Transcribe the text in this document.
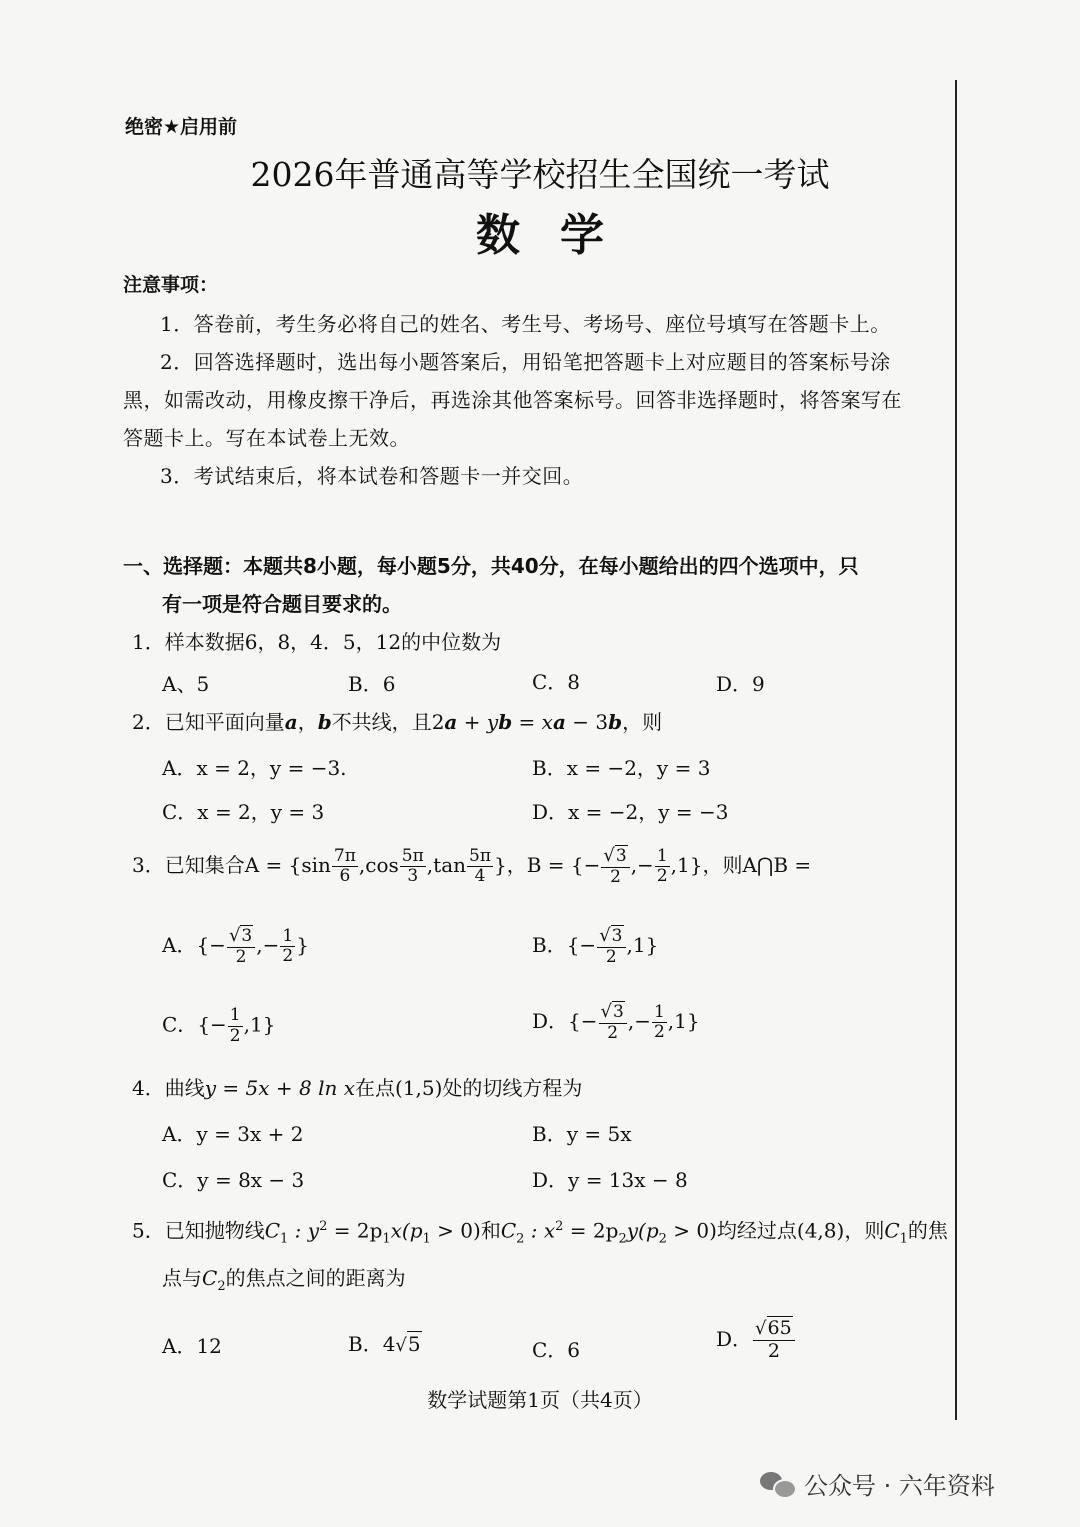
绝密★启用前
2026年普通高等学校招生全国统一考试
数学
注意事项：
1．答卷前，考生务必将自己的姓名、考生号、考场号、座位号填写在答题卡上。
2．回答选择题时，选出每小题答案后，用铅笔把答题卡上对应题目的答案标号涂
黑，如需改动，用橡皮擦干净后，再选涂其他答案标号。回答非选择题时，将答案写在
答题卡上。写在本试卷上无效。
3．考试结束后，将本试卷和答题卡一并交回。
一、选择题：本题共8小题，每小题5分，共40分，在每小题给出的四个选项中，只
有一项是符合题目要求的。
1．样本数据6，8，4．5，12的中位数为
A、5	B．6	C．8	D．9
2．已知平面向量a，b不共线，且2a + yb = xa − 3b，则
A．x = 2，y = −3.	B．x = −2，y = 3
C．x = 2，y = 3	D．x = −2，y = −3
3．已知集合$A = \{\sin \frac{7\pi}{6} ,\cos \frac{5\pi}{3} ,\tan \frac{5\pi}{4}$ }，B = {− $\frac{√3}{2}$ ,− $\frac{1}{2} ,1$}，则A⋂B =
A．{− $\frac{√3}{2}$ ,− $\frac{1}{2}$ }	B．{− $\frac{√3}{2} ,1$}
C．{− $\frac{1}{2} ,1$}	D．{− $\frac{√3}{2}$ ,− $\frac{1}{2} ,1$}
4．曲线y = 5x + 8 ln x在点(1,5)处的切线方程为
A．y = 3x + 2	B．y = 5x
C．y = 8x − 3	D．y = 13x − 8
5．已知抛物线$C_1$ : $y^2 = 2p_1x(p_1 > 0)$和$C_2$ : $x^2 = 2p_2y(p_2 > 0)$均经过点(4,8)，则$C_1$的焦
点与$C_2$的焦点之间的距离为
A．12	B．4√5	C．6	D． $\frac{√65}{2}$
数学试题第1页（共4页）
公众号 · 六年资料
